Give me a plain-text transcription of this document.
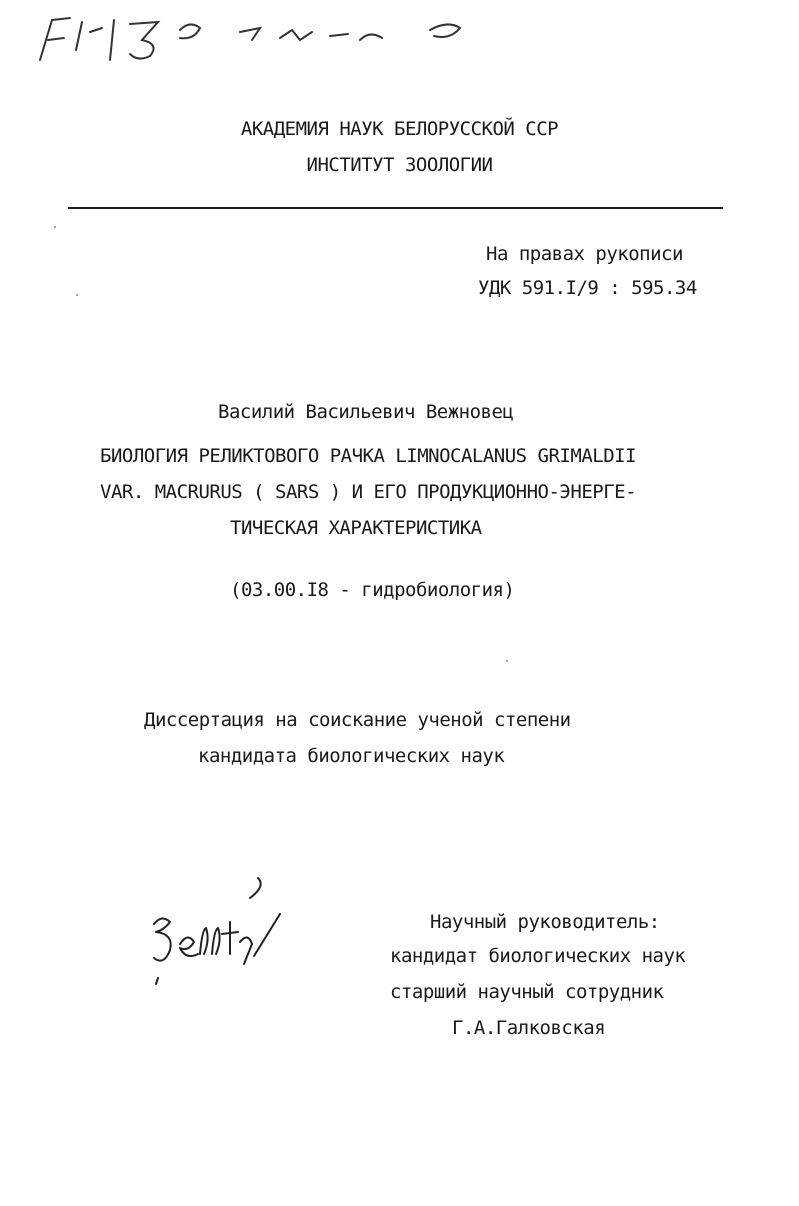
АКАДЕМИЯ НАУК БЕЛОРУССКОЙ ССР
ИНСТИТУТ ЗООЛОГИИ
На правах рукописи
УДК 591.I/9 : 595.34
Василий Васильевич Вежновец
БИОЛОГИЯ РЕЛИКТОВОГО РАЧКА LIMNOCALANUS GRIMALDII
VAR. MACRURUS ( SARS ) И ЕГО ПРОДУКЦИОННО-ЭНЕРГЕ-
ТИЧЕСКАЯ ХАРАКТЕРИСТИКА
(03.00.I8 - гидробиология)
Диссертация на соискание ученой степени
кандидата биологических наук
Научный руководитель:
кандидат биологических наук
старший научный сотрудник
Г.А.Галковская
